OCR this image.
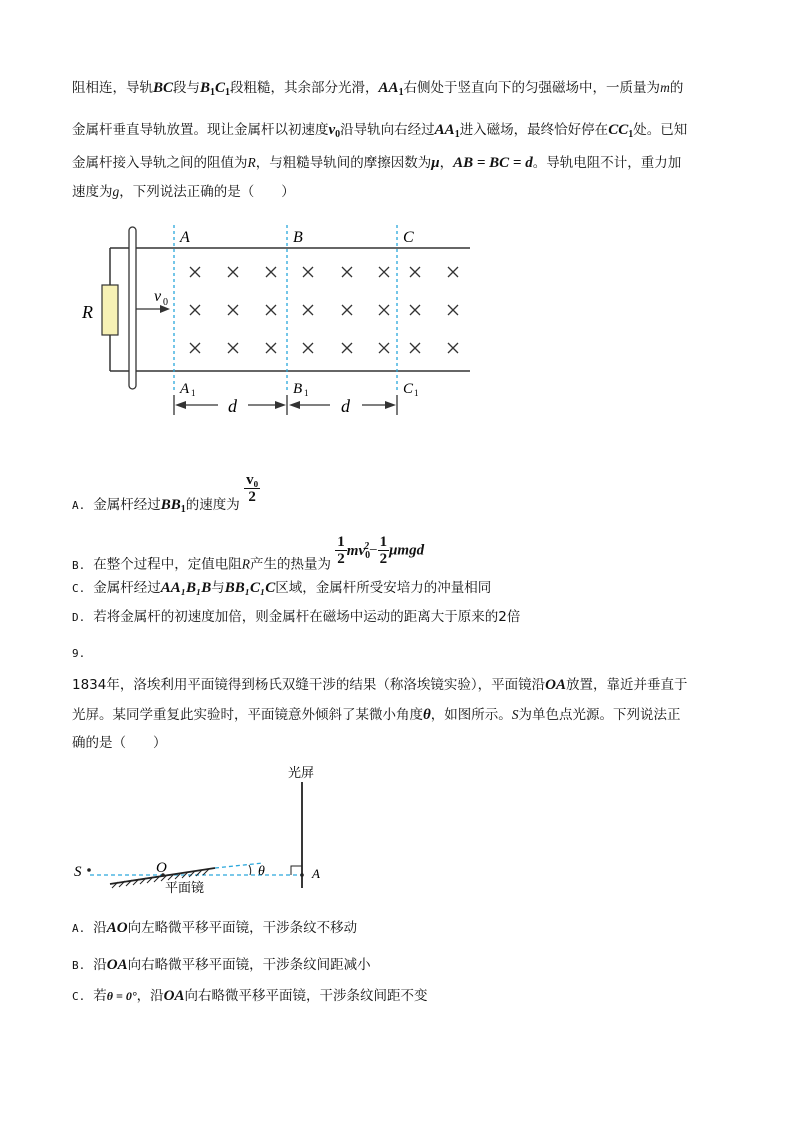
阻相连，导轨BC段与$B_1C_1$段粗糙，其余部分光滑，$AA_1$右侧处于竖直向下的匀强磁场中，一质量为m的
金属杆垂直导轨放置。现让金属杆以初速度$v_0$沿导轨向右经过$AA_1$进入磁场，最终恰好停在$CC_1$处。已知
金属杆接入导轨之间的阻值为R，与粗糙导轨间的摩擦因数为μ，AB = BC = d。导轨电阻不计，重力加
速度为g，下列说法正确的是（　　）
A	B	C
A 1	B 1	C 1
R
v 0
d	d
A. 金属杆经过$BB_1$的速度为 $\frac{\text{v₀}}{2}$
B. 在整个过程中，定值电阻R产生的热量为 $\frac{1}{2} mv_0^2- \frac{1}{2}$ μmgd
C. 金属杆经过AA₁B₁B与BB₁C₁C区域，金属杆所受安培力的冲量相同
D. 若将金属杆的初速度加倍，则金属杆在磁场中运动的距离大于原来的2倍
9.
1834年，洛埃利用平面镜得到杨氏双缝干涉的结果（称洛埃镜实验），平面镜沿OA放置，靠近并垂直于
光屏。某同学重复此实验时，平面镜意外倾斜了某微小角度θ，如图所示。S为单色点光源。下列说法正
确的是（　　）
光屏
θ
S	O	A
平面镜
A. 沿AO向左略微平移平面镜，干涉条纹不移动
B. 沿OA向右略微平移平面镜，干涉条纹间距减小
C. 若θ = 0°，沿OA向右略微平移平面镜，干涉条纹间距不变
